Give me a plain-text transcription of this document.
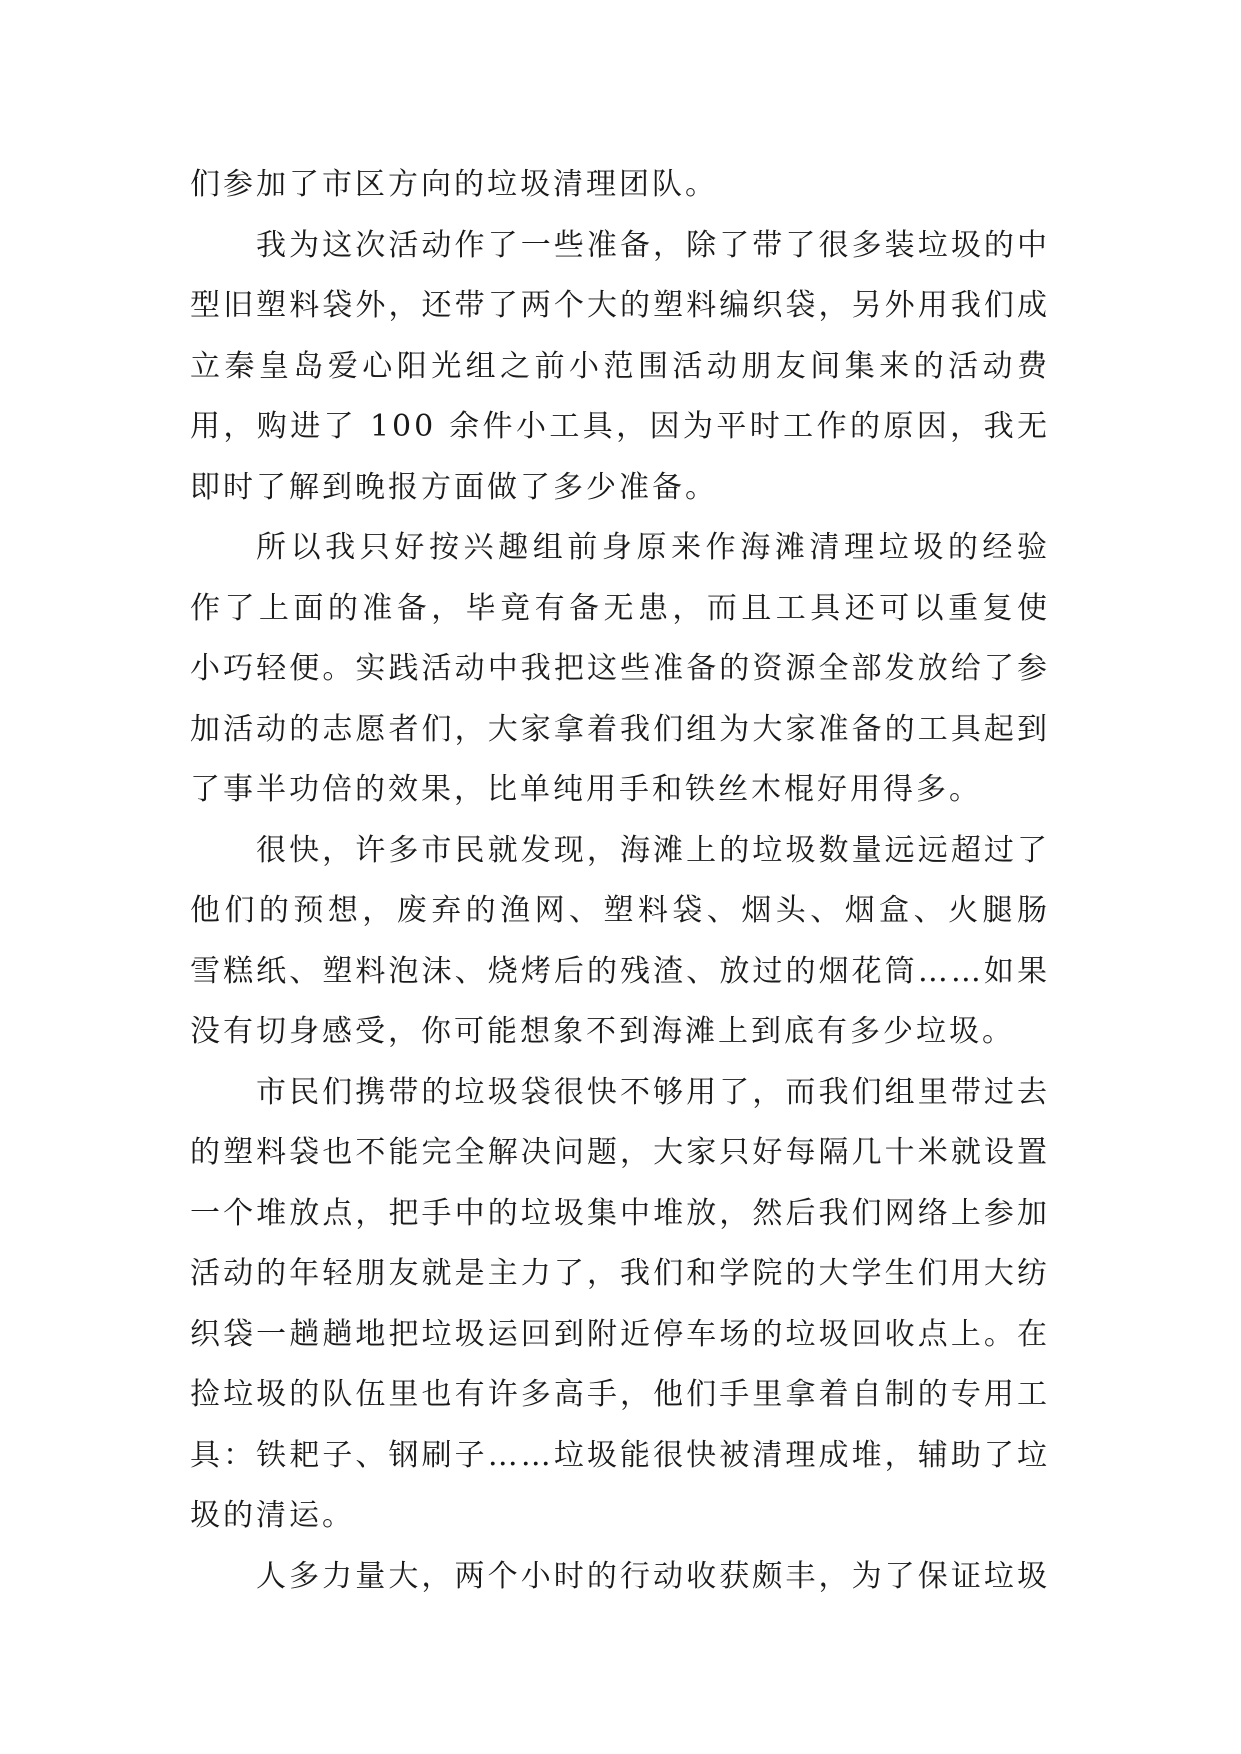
们参加了市区方向的垃圾清理团队。
我为这次活动作了一些准备，除了带了很多装垃圾的中
型旧塑料袋外，还带了两个大的塑料编织袋，另外用我们成
立秦皇岛爱心阳光组之前小范围活动朋友间集来的活动费
用，购进了 100 余件小工具，因为平时工作的原因，我无
即时了解到晚报方面做了多少准备。
所以我只好按兴趣组前身原来作海滩清理垃圾的经验
作了上面的准备，毕竟有备无患，而且工具还可以重复使
小巧轻便。实践活动中我把这些准备的资源全部发放给了参
加活动的志愿者们，大家拿着我们组为大家准备的工具起到
了事半功倍的效果，比单纯用手和铁丝木棍好用得多。
很快，许多市民就发现，海滩上的垃圾数量远远超过了
他们的预想，废弃的渔网、塑料袋、烟头、烟盒、火腿肠
雪糕纸、塑料泡沫、烧烤后的残渣、放过的烟花筒……如果
没有切身感受，你可能想象不到海滩上到底有多少垃圾。
市民们携带的垃圾袋很快不够用了，而我们组里带过去
的塑料袋也不能完全解决问题，大家只好每隔几十米就设置
一个堆放点，把手中的垃圾集中堆放，然后我们网络上参加
活动的年轻朋友就是主力了，我们和学院的大学生们用大纺
织袋一趟趟地把垃圾运回到附近停车场的垃圾回收点上。在
捡垃圾的队伍里也有许多高手，他们手里拿着自制的专用工
具：铁耙子、钢刷子……垃圾能很快被清理成堆，辅助了垃
圾的清运。
人多力量大，两个小时的行动收获颇丰，为了保证垃圾
